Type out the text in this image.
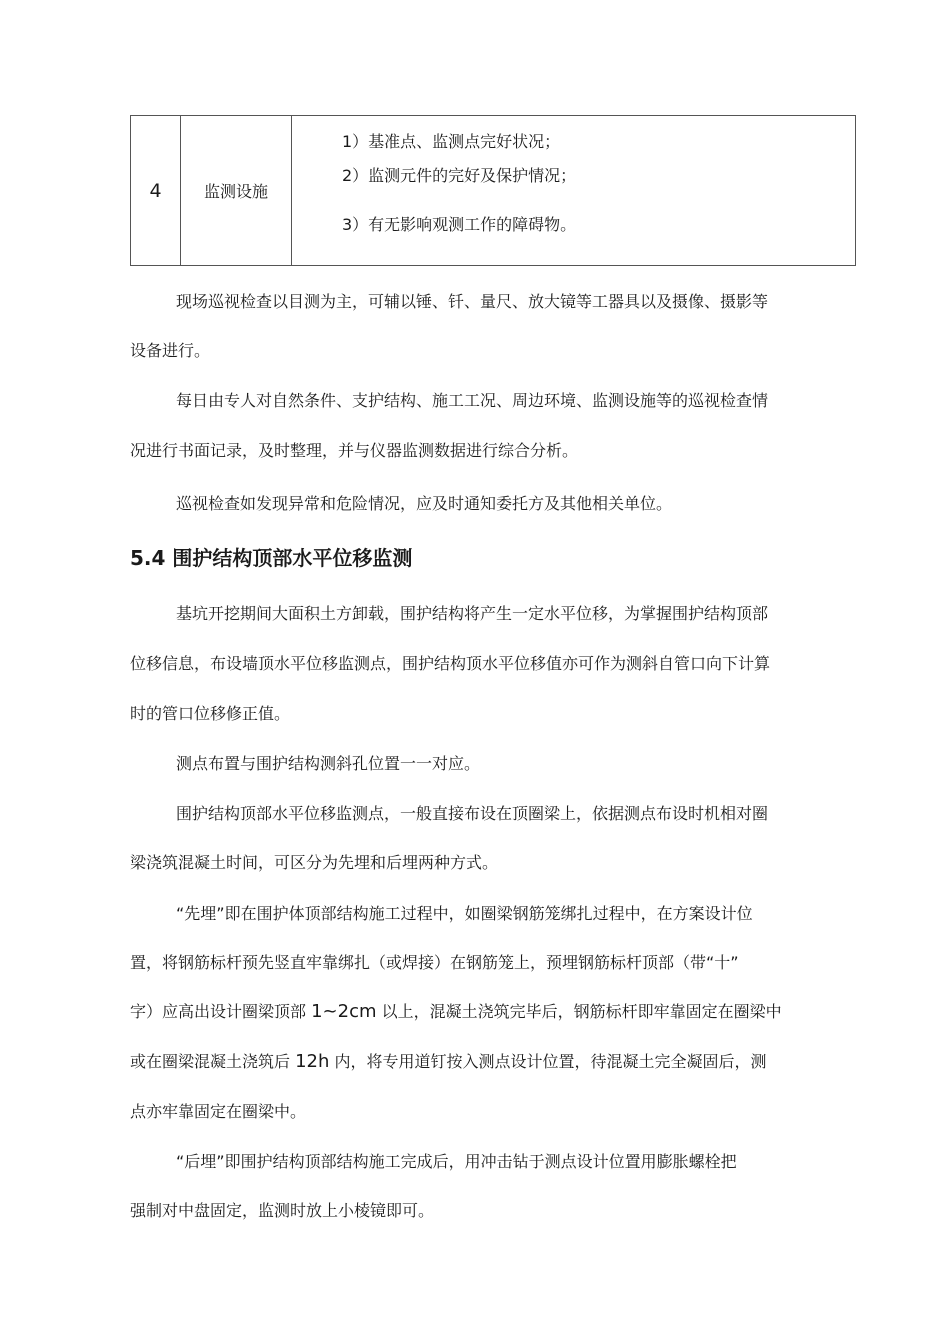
4	监测设施	
1）基准点、监测点完好状况；
2）监测元件的完好及保护情况；
3）有无影响观测工作的障碍物。

现场巡视检查以目测为主，可辅以锤、钎、量尺、放大镜等工器具以及摄像、摄影等

设备进行。

每日由专人对自然条件、支护结构、施工工况、周边环境、监测设施等的巡视检查情

况进行书面记录，及时整理，并与仪器监测数据进行综合分析。

巡视检查如发现异常和危险情况，应及时通知委托方及其他相关单位。

5.4 围护结构顶部水平位移监测

基坑开挖期间大面积土方卸载，围护结构将产生一定水平位移，为掌握围护结构顶部

位移信息，布设墙顶水平位移监测点，围护结构顶水平位移值亦可作为测斜自管口向下计算

时的管口位移修正值。

测点布置与围护结构测斜孔位置一一对应。

围护结构顶部水平位移监测点，一般直接布设在顶圈梁上，依据测点布设时机相对圈

梁浇筑混凝土时间，可区分为先埋和后埋两种方式。

“先埋”即在围护体顶部结构施工过程中，如圈梁钢筋笼绑扎过程中，在方案设计位

置，将钢筋标杆预先竖直牢靠绑扎（或焊接）在钢筋笼上，预埋钢筋标杆顶部（带“十”

字）应高出设计圈梁顶部 1~2cm 以上，混凝土浇筑完毕后，钢筋标杆即牢靠固定在圈梁中

或在圈梁混凝土浇筑后 12h 内，将专用道钉按入测点设计位置，待混凝土完全凝固后，测

点亦牢靠固定在圈梁中。

“后埋”即围护结构顶部结构施工完成后，用冲击钻于测点设计位置用膨胀螺栓把

强制对中盘固定，监测时放上小棱镜即可。
